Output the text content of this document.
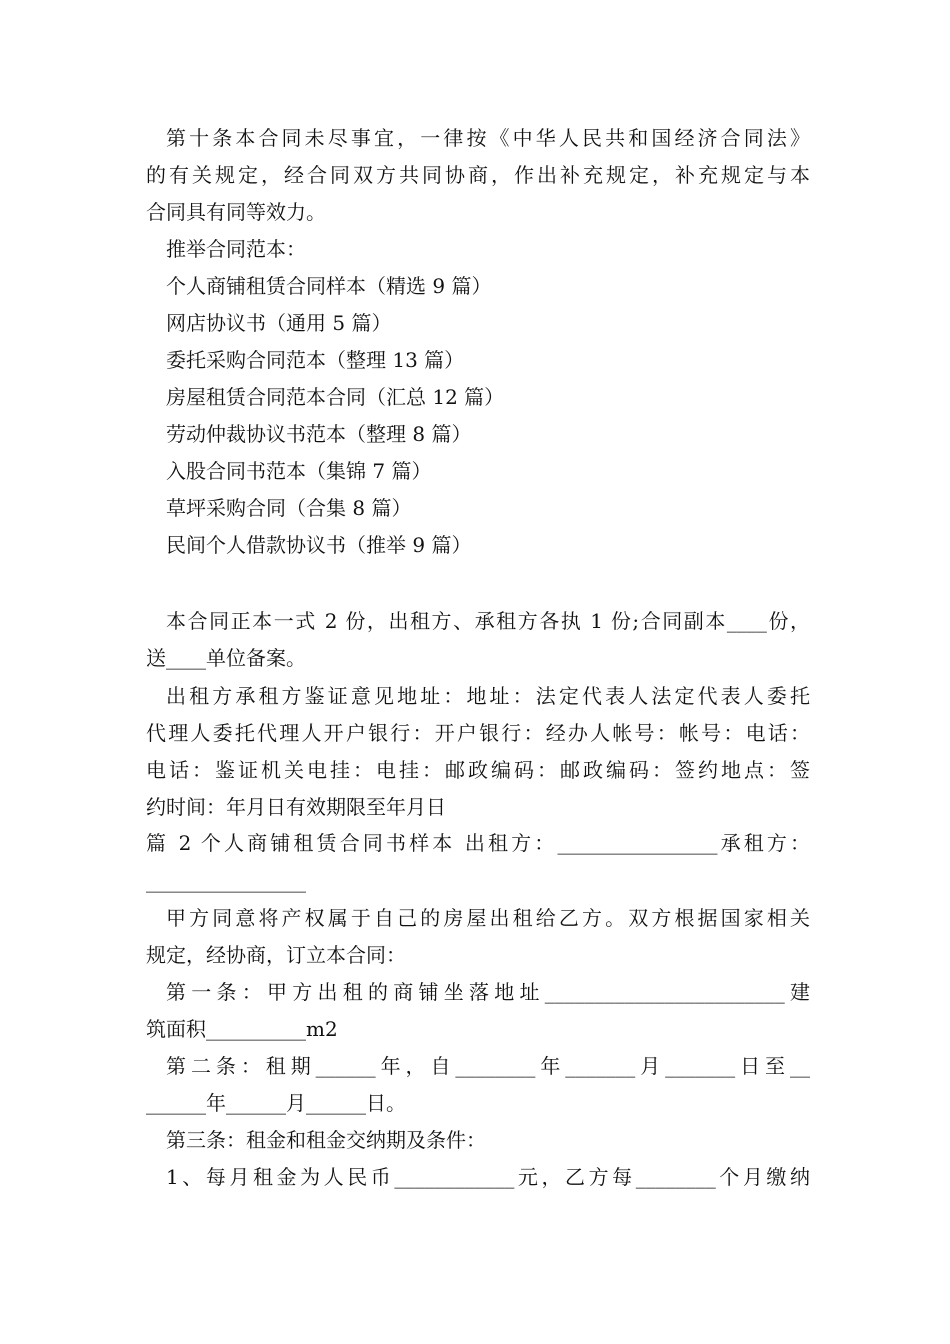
第十条本合同未尽事宜，一律按《中华人民共和国经济合同法》
的有关规定，经合同双方共同协商，作出补充规定，补充规定与本
合同具有同等效力。
推举合同范本：
个人商铺租赁合同样本（精选 9 篇）
网店协议书（通用 5 篇）
委托采购合同范本（整理 13 篇）
房屋租赁合同范本合同（汇总 12 篇）
劳动仲裁协议书范本（整理 8 篇）
入股合同书范本（集锦 7 篇）
草坪采购合同（合集 8 篇）
民间个人借款协议书（推举 9 篇）
本合同正本一式 2 份，出租方、承租方各执 1 份;合同副本____份，
送____单位备案。
出租方承租方鉴证意见地址：地址：法定代表人法定代表人委托
代理人委托代理人开户银行：开户银行：经办人帐号：帐号：电话：
电话：鉴证机关电挂：电挂：邮政编码：邮政编码：签约地点：签
约时间：年月日有效期限至年月日
篇 2 个人商铺租赁合同书样本 出租方：________________承租方：
________________
甲方同意将产权属于自己的房屋出租给乙方。双方根据国家相关
规定，经协商，订立本合同：
第一条：甲方出租的商铺坐落地址________________________建
筑面积__________m2
第二条：租期______年，自________年_______月_______日至__
______年______月______日。
第三条：租金和租金交纳期及条件：
1、每月租金为人民币____________元，乙方每________个月缴纳
